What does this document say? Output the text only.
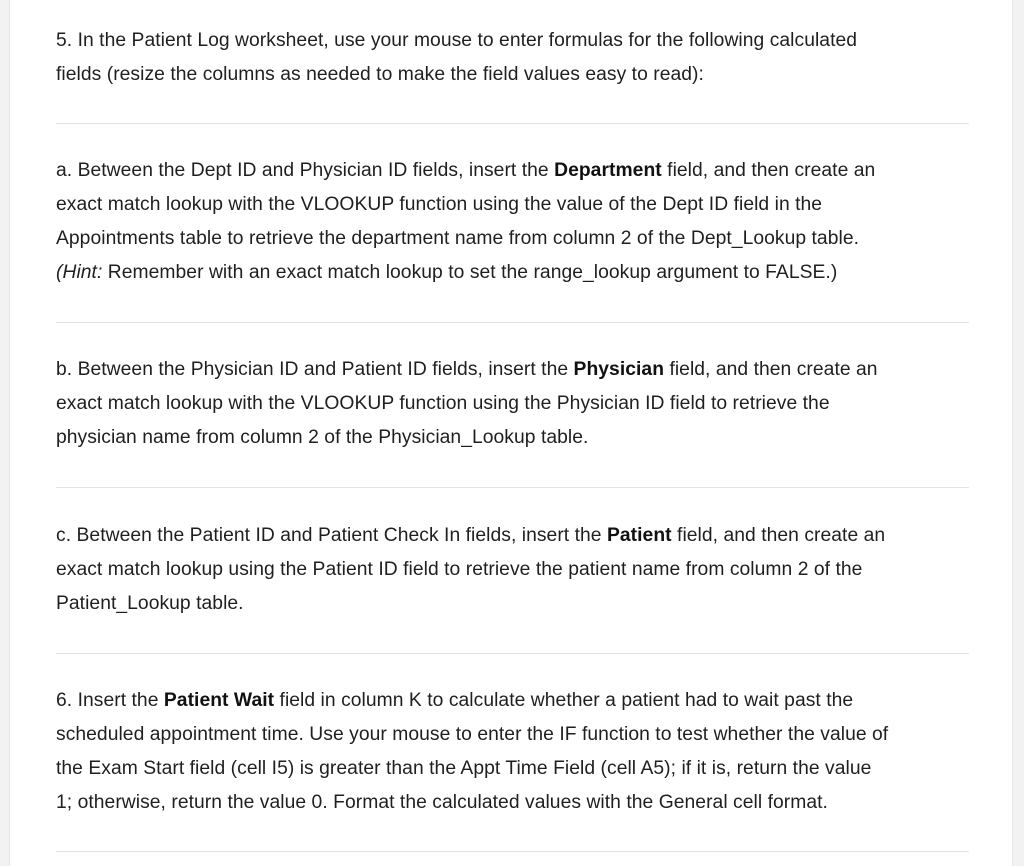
5. In the Patient Log worksheet, use your mouse to enter formulas for the following calculated
fields (resize the columns as needed to make the field values easy to read):
a. Between the Dept ID and Physician ID fields, insert the Department field, and then create an
exact match lookup with the VLOOKUP function using the value of the Dept ID field in the
Appointments table to retrieve the department name from column 2 of the Dept_Lookup table.
(Hint: Remember with an exact match lookup to set the range_lookup argument to FALSE.)
b. Between the Physician ID and Patient ID fields, insert the Physician field, and then create an
exact match lookup with the VLOOKUP function using the Physician ID field to retrieve the
physician name from column 2 of the Physician_Lookup table.
c. Between the Patient ID and Patient Check In fields, insert the Patient field, and then create an
exact match lookup using the Patient ID field to retrieve the patient name from column 2 of the
Patient_Lookup table.
6. Insert the Patient Wait field in column K to calculate whether a patient had to wait past the
scheduled appointment time. Use your mouse to enter the IF function to test whether the value of
the Exam Start field (cell I5) is greater than the Appt Time Field (cell A5); if it is, return the value
1; otherwise, return the value 0. Format the calculated values with the General cell format.
